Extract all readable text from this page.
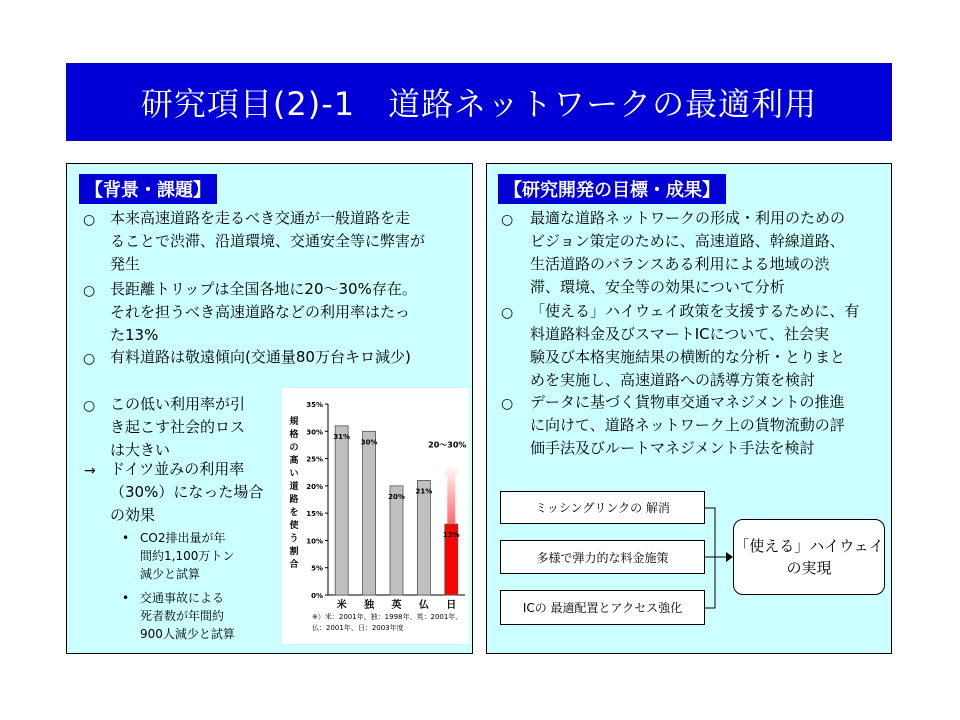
研究項目(2)-1　道路ネットワークの最適利用
【背景・課題】
○ 本来高速道路を走るべき交通が一般道路を走
ることで渋滞、沿道環境、交通安全等に弊害が
発生
○ 長距離トリップは全国各地に20～30%存在。
それを担うべき高速道路などの利用率はたっ
た13%
○ 有料道路は敬遠傾向(交通量80万台キロ減少)
○ この低い利用率が引
き起こす社会的ロス
は大きい
→ ドイツ並みの利用率
（30%）になった場合
の効果
• CO2排出量が年
間約1,100万トン
減少と試算
• 交通事故による
死者数が年間約
900人減少と試算
0%
5%
10%
15%
20%
25%
30%
35%
規
格
の
高
い
道
路
を
使
う
割
合
31%
米
30%
独
20%
英
21%
仏
13%
日
20～30%
※）米：2001年、独：1998年、英：2001年、
仏：2001年、日：2003年度
【研究開発の目標・成果】
○ 最適な道路ネットワークの形成・利用のための
ビジョン策定のために、高速道路、幹線道路、
生活道路のバランスある利用による地域の渋
滞、環境、安全等の効果について分析
○ 「使える」ハイウェイ政策を支援するために、有
料道路料金及びスマートICについて、社会実
験及び本格実施結果の横断的な分析・とりまと
めを実施し、高速道路への誘導方策を検討
○ データに基づく貨物車交通マネジメントの推進
に向けて、道路ネットワーク上の貨物流動の評
価手法及びルートマネジメント手法を検討
ミッシングリンクの 解消
多様で弾力的な料金施策
ICの 最適配置とアクセス強化
「使える」ハイウェイ
の実現
